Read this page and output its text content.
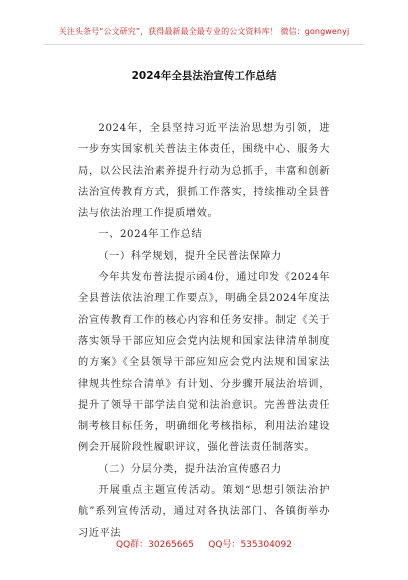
关注头条号“公文研究”，获得最新最全最专业的公文资料库！ 微信：gongwenyj
2024年全县法治宣传工作总结

2024年，全县坚持习近平法治思想为引领，进一步夯实国家机关普法主体责任，围绕中心、服务大局，以公民法治素养提升行动为总抓手，丰富和创新法治宣传教育方式，狠抓工作落实，持续推动全县普法与依法治理工作提质增效。

一、2024年工作总结

（一）科学规划，提升全民普法保障力

今年共发布普法提示函4份，通过印发《2024年全县普法依法治理工作要点》，明确全县2024年度法治宣传教育工作的核心内容和任务安排。制定《关于落实领导干部应知应会党内法规和国家法律清单制度的方案》《全县领导干部应知应会党内法规和国家法律规共性综合清单》有计划、分步骤开展法治培训，提升了领导干部学法自觉和法治意识。完善普法责任制考核目标任务，明确细化考核指标，利用法治建设例会开展阶段性履职评议，强化普法责任制落实。

（二）分层分类，提升法治宣传感召力

开展重点主题宣传活动。策划“思想引领法治护航”系列宣传活动，通过对各执法部门、各镇街举办习近平法

QQ群：30265665     QQ号：535304092
